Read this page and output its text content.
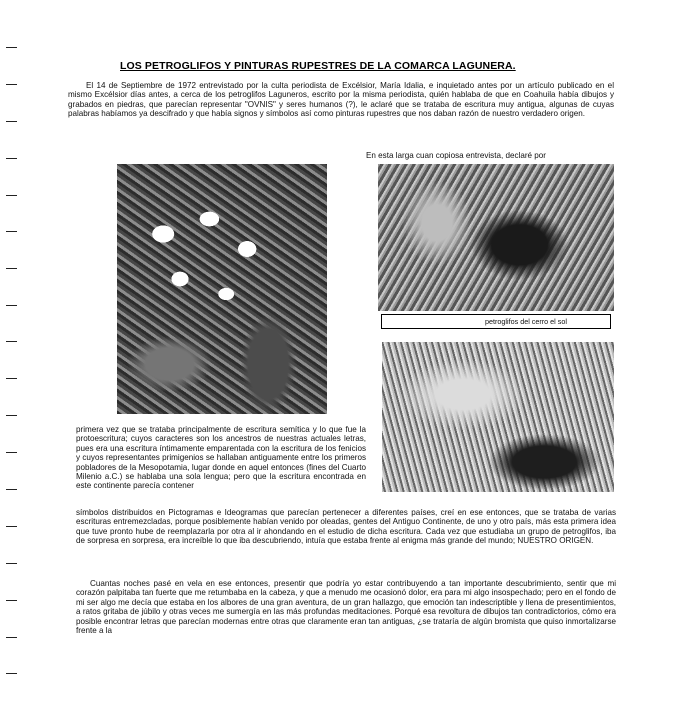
LOS PETROGLIFOS Y PINTURAS RUPESTRES DE LA COMARCA LAGUNERA.

El 14 de Septiembre de 1972 entrevistado por la culta periodista de Excélsior, María Idalia, e inquietado antes por un artículo publicado en el mismo Excélsior días antes, a cerca de los petroglifos Laguneros, escrito por la misma periodista, quién hablaba de que en Coahuila había dibujos y grabados en piedras, que parecían representar "OVNIS" y seres humanos (?), le aclaré que se trataba de escritura muy antigua, algunas de cuyas palabras habíamos ya descifrado y que había signos y símbolos así como pinturas rupestres que nos daban razón de nuestro verdadero origen.

En esta larga cuan copiosa entrevista, declaré por

petroglifos del cerro el sol

primera vez que se trataba principalmente de escritura semítica y lo que fue la protoescritura; cuyos caracteres son los ancestros de nuestras actuales letras, pues era una escritura íntimamente emparentada con la escritura de los fenicios y cuyos representantes primigenios se hallaban antiguamente entre los primeros pobladores de la Mesopotamia, lugar donde en aquel entonces (fines del Cuarto Milenio a.C.) se hablaba una sola lengua; pero que la escritura encontrada en este continente parecía contener

símbolos distribuidos en Pictogramas e Ideogramas que parecían pertenecer a diferentes países, creí en ese entonces, que se trataba de varias escrituras entremezcladas, porque posiblemente habían venido por oleadas, gentes del Antiguo Continente, de uno y otro país, más esta primera idea que tuve pronto hube de reemplazarla por otra al ir ahondando en el estudio de dicha escritura. Cada vez que estudiaba un grupo de petroglifos, iba de sorpresa en sorpresa, era increíble lo que iba descubriendo, intuía que estaba frente al enigma más grande del mundo; NUESTRO ORIGEN.

Cuantas noches pasé en vela en ese entonces, presentir que podría yo estar contribuyendo a tan importante descubrimiento, sentir que mi corazón palpitaba tan fuerte que me retumbaba en la cabeza, y que a menudo me ocasionó dolor, era para mi algo insospechado; pero en el fondo de mi ser algo me decía que estaba en los albores de una gran aventura, de un gran hallazgo, que emoción tan indescriptible y llena de presentimientos, a ratos gritaba de júbilo y otras veces me sumergía en las más profundas meditaciones. Porqué esa revoltura de dibujos tan contradictorios, cómo era posible encontrar letras que parecían modernas entre otras que claramente eran tan antiguas, ¿se trataría de algún bromista que quiso inmortalizarse frente a la
